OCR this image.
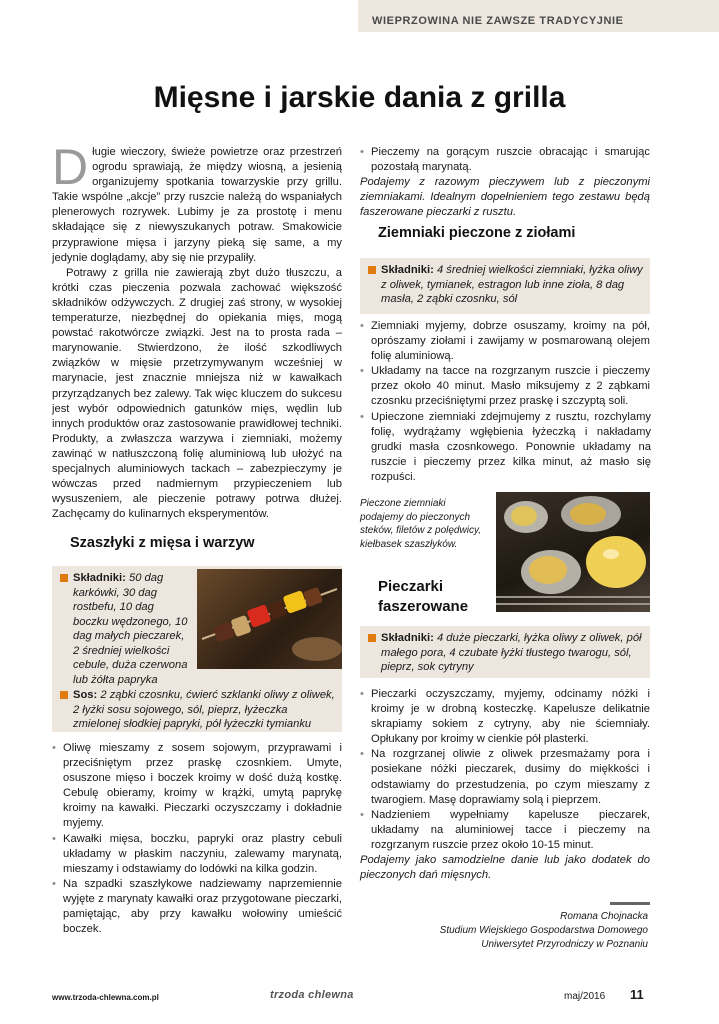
WIEPRZOWINA NIE ZAWSZE TRADYCYJNIE
Mięsne i jarskie dania z grilla

Długie wieczory, świeże powietrze oraz przestrzeń ogrodu sprawiają, że między wiosną, a jesienią organizujemy spotkania towarzyskie przy grillu. Takie wspólne „akcje” przy ruszcie należą do wspaniałych plenerowych rozrywek. Lubimy je za prostotę i menu składające się z niewyszukanych potraw. Smakowicie przyprawione mięsa i jarzyny pieką się same, a my jedynie doglądamy, aby się nie przypaliły.

Potrawy z grilla nie zawierają zbyt dużo tłuszczu, a krótki czas pieczenia pozwala zachować większość składników odżywczych. Z drugiej zaś strony, w wysokiej temperaturze, niezbędnej do opiekania mięs, mogą powstać rakotwórcze związki. Jest na to prosta rada – marynowanie. Stwierdzono, że ilość szkodliwych związków w mięsie przetrzymywanym wcześniej w marynacie, jest znacznie mniejsza niż w kawałkach przyrządzanych bez zalewy. Tak więc kluczem do sukcesu jest wybór odpowiednich gatunków mięs, wędlin lub innych produktów oraz zastosowanie prawidłowej techniki. Produkty, a zwłaszcza warzywa i ziemniaki, możemy zawinąć w natłuszczoną folię aluminiową lub ułożyć na specjalnych aluminiowych tackach – zabezpieczymy je wówczas przed nadmiernym przypieczeniem lub wysuszeniem, ale pieczenie potrawy potrwa dłużej. Zachęcamy do kulinarnych eksperymentów.

Szaszłyki z mięsa i warzyw
Składniki: 50 dag karkówki, 30 dag rostbefu, 10 dag boczku wędzonego, 10 dag małych pieczarek, 2 średniej wielkości cebule, duża czerwona lub żółta papryka
Sos: 2 ząbki czosnku, ćwierć szklanki oliwy z oliwek, 2 łyżki sosu sojowego, sól, pieprz, łyżeczka zmielonej słodkiej papryki, pół łyżeczki tymianku
• Oliwę mieszamy z sosem sojowym, przyprawami i przeciśniętym przez praskę czosnkiem. Umyte, osuszone mięso i boczek kroimy w dość dużą kostkę. Cebulę obieramy, kroimy w krążki, umytą paprykę kroimy na kawałki. Pieczarki oczyszczamy i dokładnie myjemy.
• Kawałki mięsa, boczku, papryki oraz plastry cebuli układamy w płaskim naczyniu, zalewamy marynatą, mieszamy i odstawiamy do lodówki na kilka godzin.
• Na szpadki szaszłykowe nadziewamy naprzemiennie wyjęte z marynaty kawałki oraz przygotowane pieczarki, pamiętając, aby przy kawałku wołowiny umieścić boczek.
• Pieczemy na gorącym ruszcie obracając i smarując pozostałą marynatą.

Podajemy z razowym pieczywem lub z pieczonymi ziemniakami. Idealnym dopełnieniem tego zestawu będą faszerowane pieczarki z rusztu.

Ziemniaki pieczone z ziołami
Składniki: 4 średniej wielkości ziemniaki, łyżka oliwy z oliwek, tymianek, estragon lub inne zioła, 8 dag masła, 2 ząbki czosnku, sól
• Ziemniaki myjemy, dobrze osuszamy, kroimy na pół, oprószamy ziołami i zawijamy w posmarowaną olejem folię aluminiową.
• Układamy na tacce na rozgrzanym ruszcie i pieczemy przez około 40 minut. Masło miksujemy z 2 ząbkami czosnku przeciśniętymi przez praskę i szczyptą soli.
• Upieczone ziemniaki zdejmujemy z rusztu, rozchylamy folię, wydrążamy wgłębienia łyżeczką i nakładamy grudki masła czosnkowego. Ponownie układamy na ruszcie i pieczemy przez kilka minut, aż masło się rozpuści.
Pieczone ziemniaki podajemy do pieczonych steków, filetów z polędwicy, kiełbasek szaszłyków.
Pieczarki
faszerowane
Składniki: 4 duże pieczarki, łyżka oliwy z oliwek, pół małego pora, 4 czubate łyżki tłustego twarogu, sól, pieprz, sok cytryny
• Pieczarki oczyszczamy, myjemy, odcinamy nóżki i kroimy je w drobną kosteczkę. Kapelusze delikatnie skrapiamy sokiem z cytryny, aby nie ściemniały. Opłukany por kroimy w cienkie pół plasterki.
• Na rozgrzanej oliwie z oliwek przesmażamy pora i posiekane nóżki pieczarek, dusimy do miękkości i odstawiamy do przestudzenia, po czym mieszamy z twarogiem. Masę doprawiamy solą i pieprzem.
• Nadzieniem wypełniamy kapelusze pieczarek, układamy na aluminiowej tacce i pieczemy na rozgrzanym ruszcie przez około 10-15 minut.

Podajemy jako samodzielne danie lub jako dodatek do pieczonych dań mięsnych.

Romana Chojnacka
Studium Wiejskiego Gospodarstwa Domowego
Uniwersytet Przyrodniczy w Poznaniu
www.trzoda-chlewna.com.pl	trzoda chlewna	maj/2016 11
